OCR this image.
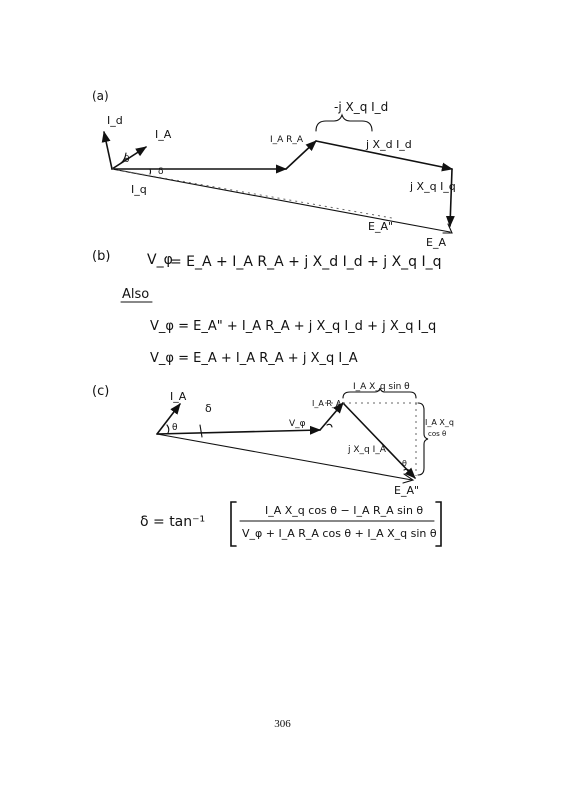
(a)
I_d
I_A
θ
δ
I_q
I_A R_A
-j X_q I_d
j X_d I_d
j X_q I_q
E_A"
E_A
(b)	V_φ
= E_A + I_A R_A + j X_d I_d + j X_q I_q
Also
V_φ = E_A" + I_A R_A + j X_q I_d + j X_q I_q
V_φ = E_A + I_A R_A + j X_q I_A
(c)	I_A
δ
θ	V_φ
I_A R_A
I_A X_q sin θ
I_A X_q
cos θ
j X_q I_A
θ
E_A"
δ = tan⁻¹
I_A X_q cos θ − I_A R_A sin θ
V_φ + I_A R_A cos θ + I_A X_q sin θ
306
